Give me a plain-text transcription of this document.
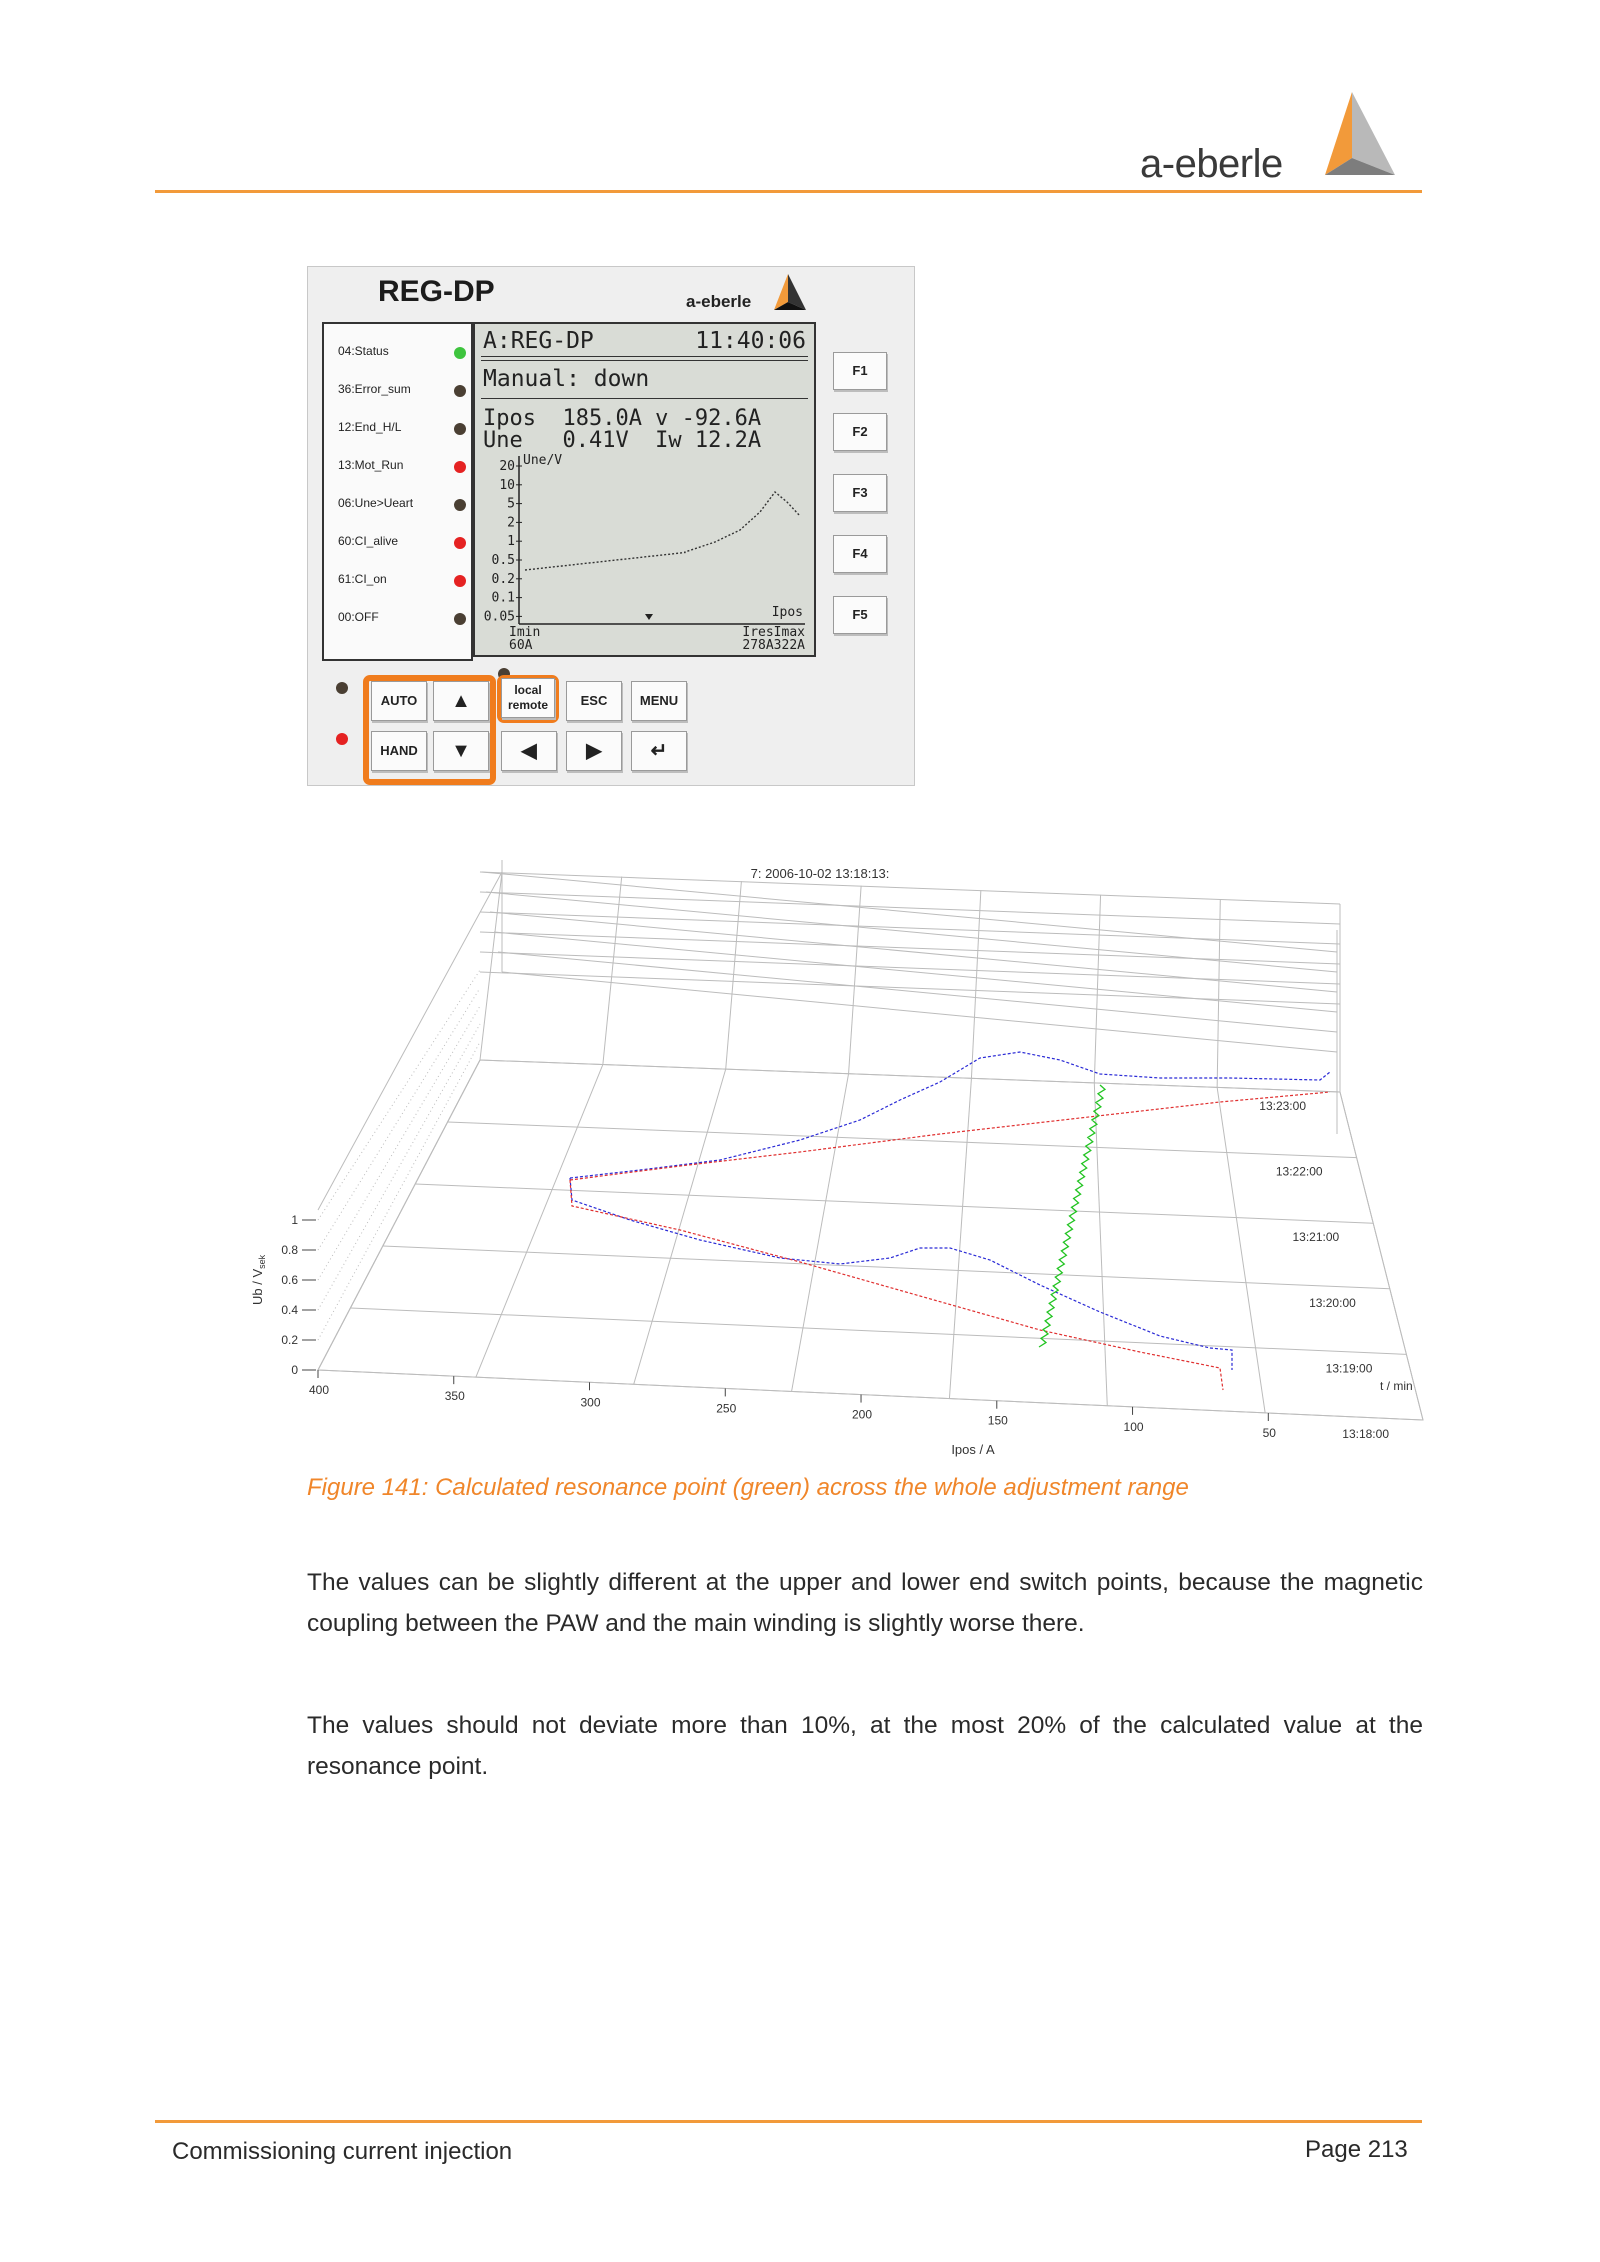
a-eberle
REG-DP	a-eberle
04:Status
36:Error_sum
12:End_H/L
13:Mot_Run
06:Une>Ueart
60:CI_alive
61:CI_on
00:OFF
A:REG-DP	11:40:06
Manual: down
Ipos  185.0A v -92.6A
Une   0.41V  Iw 12.2A
Une/V
20
10
5
2
1
0.5
0.2
0.1
0.05	Ipos
Imin
60A
IresImax
278A322A
AUTO
HAND
▲
▼
local
remote	ESC	MENU
◀	▶	↵
F1
F2
F3
F4
F5
7: 2006-10-02 13:18:13:
0
0.2
0.4
0.6
0.8
1
Ub / $V_{sek}$
400	350	300	250	200	150	100	50
Ipos / A
13:18:00
13:19:00
13:20:00
13:21:00
13:22:00
13:23:00
t / min
Figure 141: Calculated resonance point (green) across the whole adjustment range
The values can be slightly different at the upper and lower end switch points, because the magnetic coupling between the PAW and the main winding is slightly worse there.
The values should not deviate more than 10%, at the most 20% of the calculated value at the resonance point.
Commissioning current injection	Page 213
